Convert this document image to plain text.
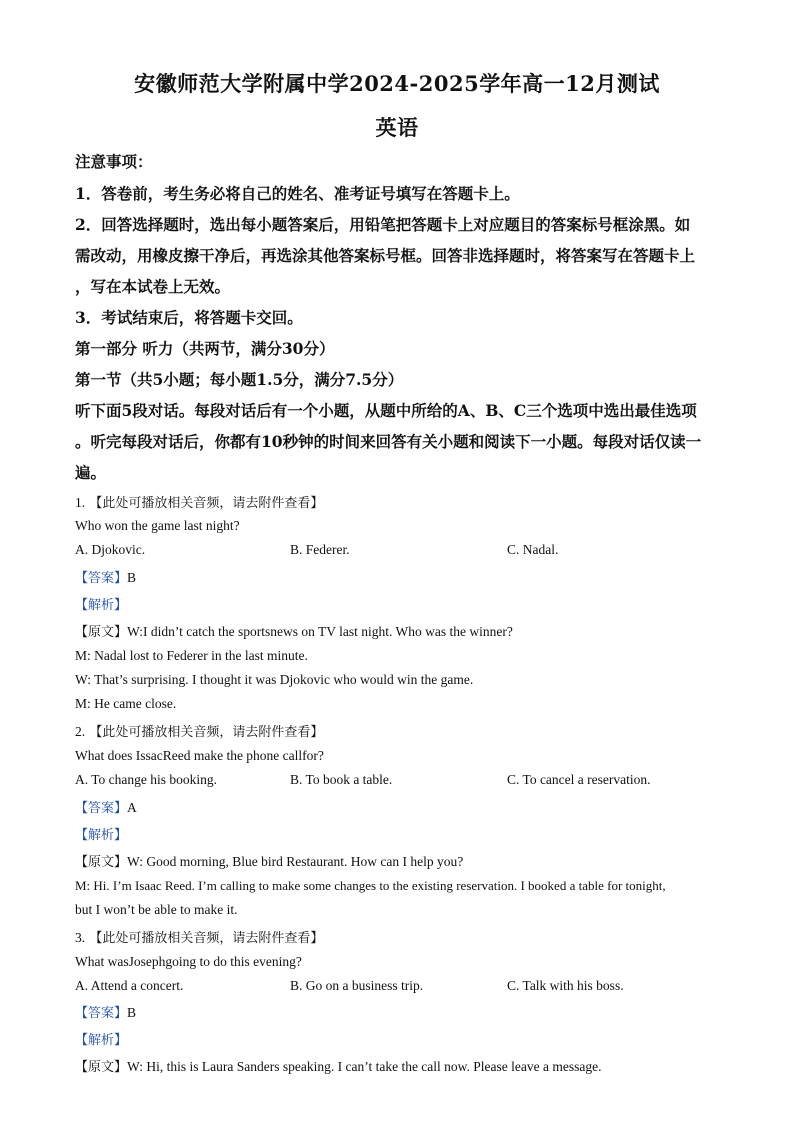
安徽师范大学附属中学2024-2025学年高一12月测试
英语
注意事项：
1．答卷前，考生务必将自己的姓名、准考证号填写在答题卡上。
2．回答选择题时，选出每小题答案后，用铅笔把答题卡上对应题目的答案标号框涂黑。如
需改动，用橡皮擦干净后，再选涂其他答案标号框。回答非选择题时，将答案写在答题卡上
，写在本试卷上无效。
3．考试结束后，将答题卡交回。
第一部分 听力（共两节，满分30分）
第一节（共5小题；每小题1.5分，满分7.5分）
听下面5段对话。每段对话后有一个小题，从题中所给的A、B、C三个选项中选出最佳选项
。听完每段对话后，你都有10秒钟的时间来回答有关小题和阅读下一小题。每段对话仅读一
遍。
1. 【此处可播放相关音频，请去附件查看】
Who won the game last night?
A. Djokovic.	B. Federer.	C. Nadal.
【答案】B
【解析】
【原文】W:I didn’t catch the sportsnews on TV last night. Who was the winner?
M: Nadal lost to Federer in the last minute.
W: That’s surprising. I thought it was Djokovic who would win the game.
M: He came close.
2. 【此处可播放相关音频，请去附件查看】
What does IssacReed make the phone callfor?
A. To change his booking.	B. To book a table.	C. To cancel a reservation.
【答案】A
【解析】
【原文】W: Good morning, Blue bird Restaurant. How can I help you?
M: Hi. I’m Isaac Reed. I’m calling to make some changes to the existing reservation. I booked a table for tonight,
but I won’t be able to make it.
3. 【此处可播放相关音频，请去附件查看】
What wasJosephgoing to do this evening?
A. Attend a concert.	B. Go on a business trip.	C. Talk with his boss.
【答案】B
【解析】
【原文】W: Hi, this is Laura Sanders speaking. I can’t take the call now. Please leave a message.
